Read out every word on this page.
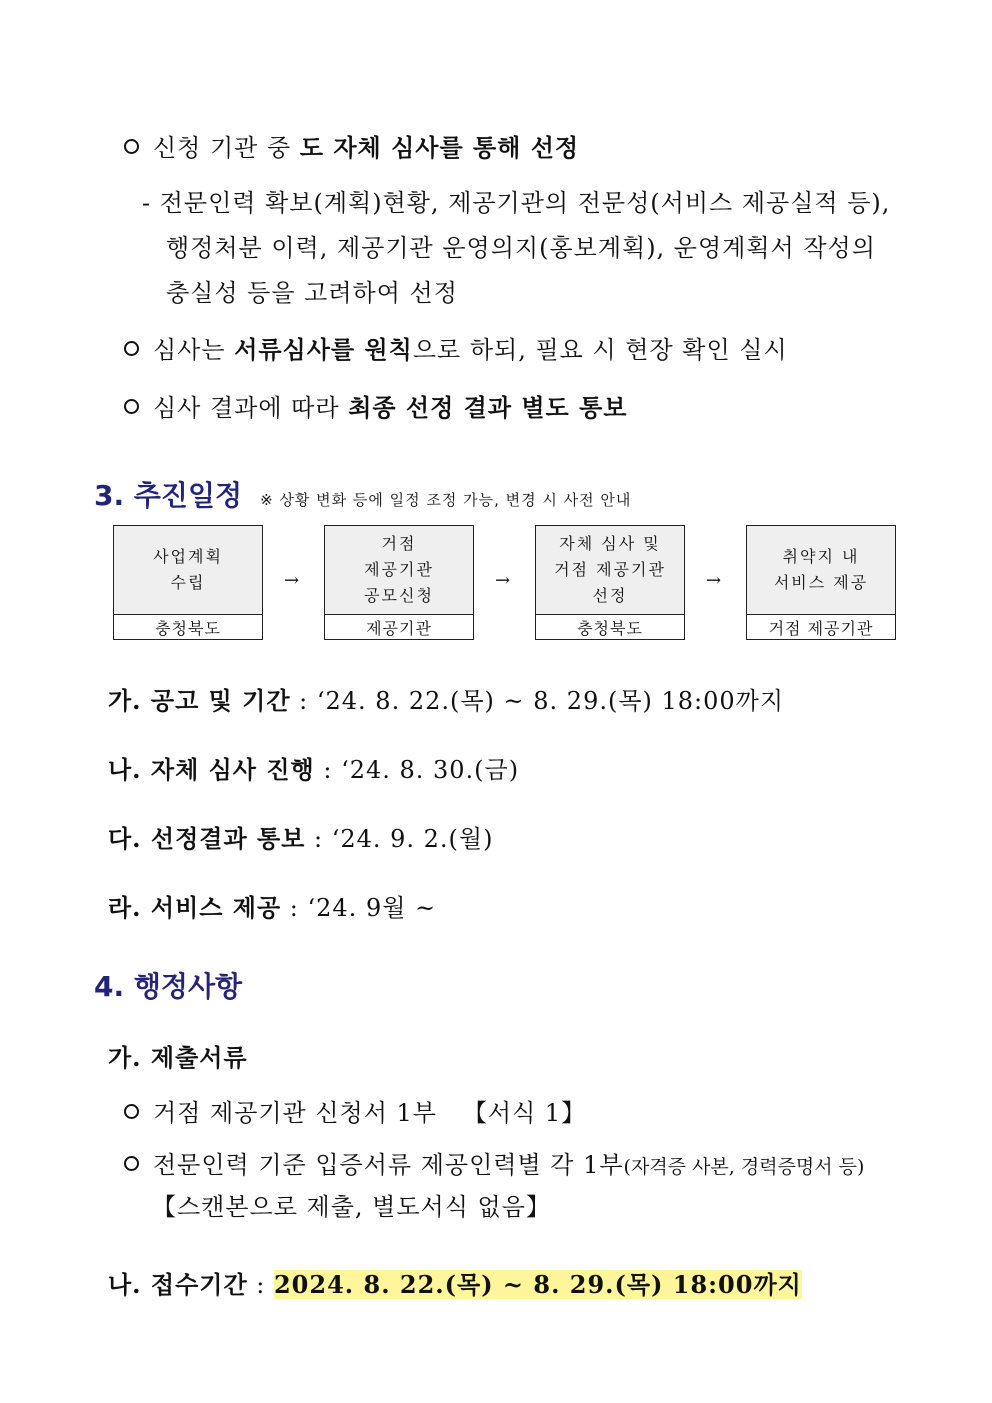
신청 기관 중 도 자체 심사를 통해 선정
- 전문인력 확보(계획)현황, 제공기관의 전문성(서비스 제공실적 등),
행정처분 이력, 제공기관 운영의지(홍보계획), 운영계획서 작성의
충실성 등을 고려하여 선정
심사는 서류심사를 원칙으로 하되, 필요 시 현장 확인 실시
심사 결과에 따라 최종 선정 결과 별도 통보
3. 추진일정 ※ 상황 변화 등에 일정 조정 가능, 변경 시 사전 안내
사업계획
수립
충청북도
→
거점
제공기관
공모신청
제공기관
→
자체 심사 및
거점 제공기관
선정
충청북도
→
취약지 내
서비스 제공
거점 제공기관
가. 공고 및 기간 : ‘24. 8. 22.(목) ~ 8. 29.(목) 18:00까지
나. 자체 심사 진행 : ‘24. 8. 30.(금)
다. 선정결과 통보 : ‘24. 9. 2.(월)
라. 서비스 제공 : ‘24. 9월 ~
4. 행정사항
가. 제출서류
거점 제공기관 신청서 1부 【서식 1】
전문인력 기준 입증서류 제공인력별 각 1부(자격증 사본, 경력증명서 등)
【스캔본으로 제출, 별도서식 없음】
나. 접수기간 : 2024. 8. 22.(목) ~ 8. 29.(목) 18:00까지
